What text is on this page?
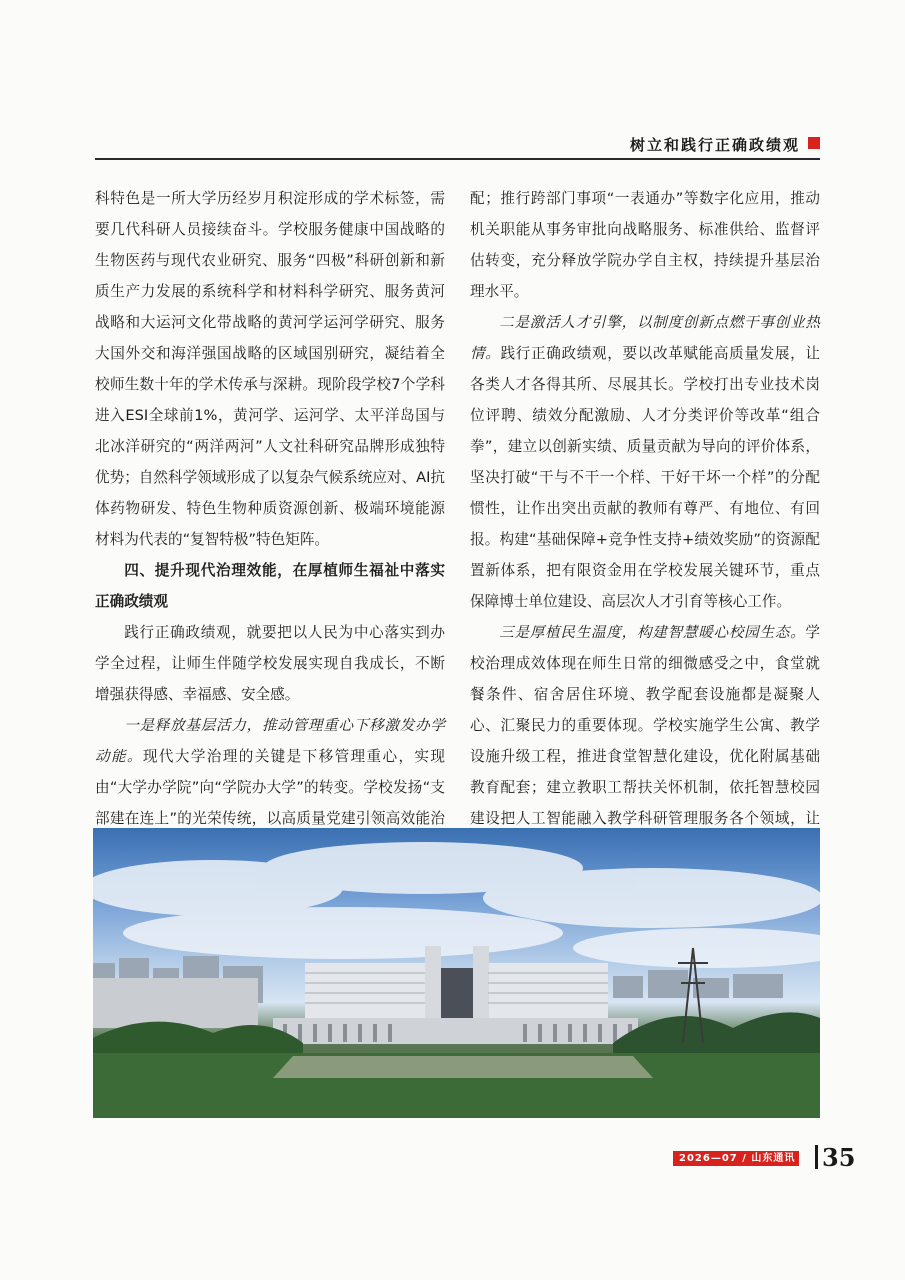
树立和践行正确政绩观

科特色是一所大学历经岁月积淀形成的学术标签，需要几代科研人员接续奋斗。学校服务健康中国战略的生物医药与现代农业研究、服务“四极”科研创新和新质生产力发展的系统科学和材料科学研究、服务黄河战略和大运河文化带战略的黄河学运河学研究、服务大国外交和海洋强国战略的区域国别研究，凝结着全校师生数十年的学术传承与深耕。现阶段学校7个学科进入ESI全球前1%，黄河学、运河学、太平洋岛国与北冰洋研究的“两洋两河”人文社科研究品牌形成独特优势；自然科学领域形成了以复杂气候系统应对、AI抗体药物研发、特色生物种质资源创新、极端环境能源材料为代表的“复智特极”特色矩阵。

四、提升现代治理效能，在厚植师生福祉中落实正确政绩观

践行正确政绩观，就要把以人民为中心落实到办学全过程，让师生伴随学校发展实现自我成长，不断增强获得感、幸福感、安全感。

一是释放基层活力，推动管理重心下移激发办学动能。现代大学治理的关键是下移管理重心，实现由“大学办学院”向“学院办大学”的转变。学校发扬“支部建在连上”的光荣传统，以高质量党建引领高效能治

配；推行跨部门事项“一表通办”等数字化应用，推动机关职能从事务审批向战略服务、标准供给、监督评估转变，充分释放学院办学自主权，持续提升基层治理水平。

二是激活人才引擎，以制度创新点燃干事创业热情。践行正确政绩观，要以改革赋能高质量发展，让各类人才各得其所、尽展其长。学校打出专业技术岗位评聘、绩效分配激励、人才分类评价等改革“组合拳”，建立以创新实绩、质量贡献为导向的评价体系，坚决打破“干与不干一个样、干好干坏一个样”的分配惯性，让作出突出贡献的教师有尊严、有地位、有回报。构建“基础保障+竞争性支持+绩效奖励”的资源配置新体系，把有限资金用在学校发展关键环节，重点保障博士单位建设、高层次人才引育等核心工作。

三是厚植民生温度，构建智慧暖心校园生态。学校治理成效体现在师生日常的细微感受之中，食堂就餐条件、宿舍居住环境、教学配套设施都是凝聚人心、汇聚民力的重要体现。学校实施学生公寓、教学设施升级工程，推进食堂智慧化建设，优化附属基础教育配套；建立教职工帮扶关怀机制，依托智慧校园建设把人工智能融入教学科研管理服务各个领域，让

2026—07 / 山东通讯 35
